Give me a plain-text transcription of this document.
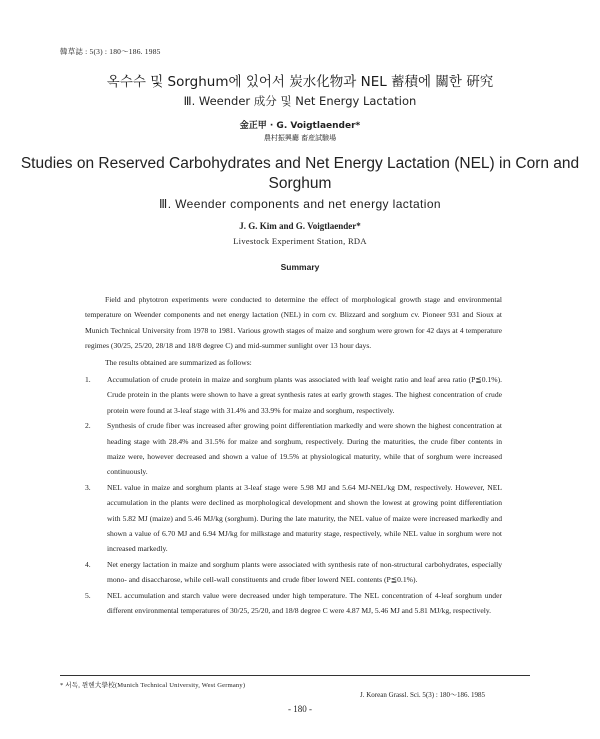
韓草誌 : 5(3) : 180〜186. 1985
옥수수 및 Sorghum에 있어서 炭水化物과 NEL 蓄積에 關한 硏究
Ⅲ. Weender 成分 및 Net Energy Lactation
金正甲 · G. Voigtlaender*
農村振興廳 畜産試驗場
Studies on Reserved Carbohydrates and Net Energy Lactation (NEL) in Corn and Sorghum
Ⅲ. Weender components and net energy lactation
J. G. Kim and G. Voigtlaender*
Livestock Experiment Station, RDA
Summary
Field and phytotron experiments were conducted to determine the effect of morphological growth stage and environmental temperature on Weender components and net energy lactation (NEL) in corn cv. Blizzard and sorghum cv. Pioneer 931 and Sioux at Munich Technical University from 1978 to 1981. Various growth stages of maize and sorghum were grown for 42 days at 4 temperature regimes (30/25, 25/20, 28/18 and 18/8 degree C) and mid-summer sunlight over 13 hour days.
The results obtained are summarized as follows:
1.	Accumulation of crude protein in maize and sorghum plants was associated with leaf weight ratio and leaf area ratio (P≦0.1%). Crude protein in the plants were shown to have a great synthesis rates at early growth stages. The highest concentration of crude protein were found at 3-leaf stage with 31.4% and 33.9% for maize and sorghum, respectively.
2.	Synthesis of crude fiber was increased after growing point differentiation markedly and were shown the highest concentration at heading stage with 28.4% and 31.5% for maize and sorghum, respectively. During the maturities, the crude fiber contents in maize were, however decreased and shown a value of 19.5% at physiological maturity, while that of sorghum were increased continuously.
3.	NEL value in maize and sorghum plants at 3-leaf stage were 5.98 MJ and 5.64 MJ-NEL/kg DM, respectively. However, NEL accumulation in the plants were declined as morphological development and shown the lowest at growing point differentiation with 5.82 MJ (maize) and 5.46 MJ/kg (sorghum). During the late maturity, the NEL value of maize were increased markedly and shown a value of 6.70 MJ and 6.94 MJ/kg for milkstage and maturity stage, respectively, while NEL value in sorghum were not increased markedly.
4.	Net energy lactation in maize and sorghum plants were associated with synthesis rate of non-structural carbohydrates, especially mono- and disaccharose, while cell-wall constituents and crude fiber lowerd NEL contents (P≦0.1%).
5.	NEL accumulation and starch value were decreased under high temperature. The NEL concentration of 4-leaf sorghum under different environmental temperatures of 30/25, 25/20, and 18/8 degree C were 4.87 MJ, 5.46 MJ and 5.81 MJ/kg, respectively.
* 서독, 뮌헨大學校(Munich Technical University, West Germany)
J. Korean Grassl. Sci. 5(3) : 180〜186. 1985
- 180 -
